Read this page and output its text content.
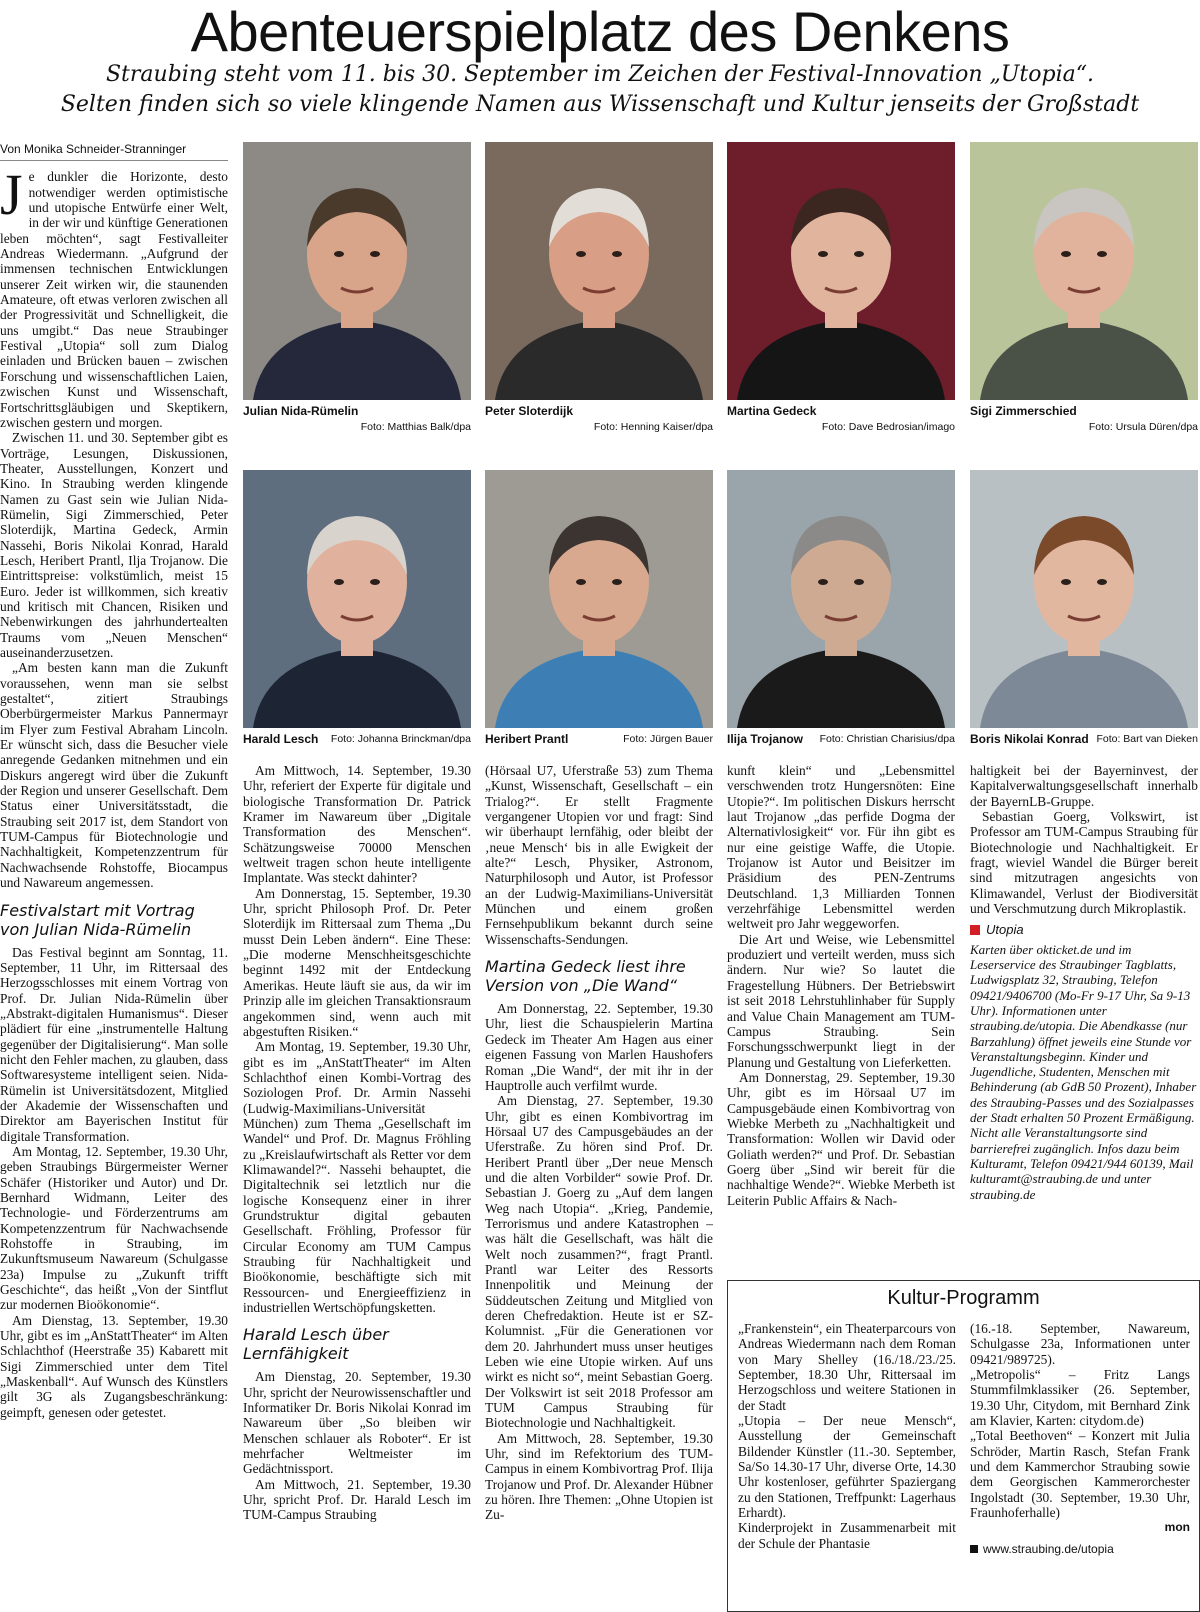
Abenteuerspielplatz des Denkens
Straubing steht vom 11. bis 30. September im Zeichen der Festival-Innovation „Utopia“.
Selten finden sich so viele klingende Namen aus Wissenschaft und Kultur jenseits der Großstadt
Von Monika Schneider-Stranninger
J e dunkler die Horizonte, desto notwendiger werden optimistische und utopische Entwürfe einer Welt, in der wir und künftige Generationen leben möchten“, sagt Festivalleiter Andreas Wiedermann. „Aufgrund der immensen technischen Entwicklungen unserer Zeit wirken wir, die staunenden Amateure, oft etwas verloren zwischen all der Progressivität und Schnelligkeit, die uns umgibt.“ Das neue Straubinger Festival „Utopia“ soll zum Dialog einladen und Brücken bauen – zwischen Forschung und wissenschaftlichen Laien, zwischen Kunst und Wissenschaft, Fortschrittsgläubigen und Skeptikern, zwischen gestern und morgen.

Zwischen 11. und 30. September gibt es Vorträge, Lesungen, Diskussionen, Theater, Ausstellungen, Konzert und Kino. In Straubing werden klingende Namen zu Gast sein wie Julian Nida-Rümelin, Sigi Zimmerschied, Peter Sloterdijk, Martina Gedeck, Armin Nassehi, Boris Nikolai Konrad, Harald Lesch, Heribert Prantl, Ilja Trojanow. Die Eintrittspreise: volkstümlich, meist 15 Euro. Jeder ist willkommen, sich kreativ und kritisch mit Chancen, Risiken und Nebenwirkungen des jahrhundertealten Traums vom „Neuen Menschen“ auseinanderzusetzen.

„Am besten kann man die Zukunft voraussehen, wenn man sie selbst gestaltet“, zitiert Straubings Oberbürgermeister Markus Pannermayr im Flyer zum Festival Abraham Lincoln. Er wünscht sich, dass die Besucher viele anregende Gedanken mitnehmen und ein Diskurs angeregt wird über die Zukunft der Region und unserer Gesellschaft. Dem Status einer Universitätsstadt, die Straubing seit 2017 ist, dem Standort von TUM-Campus für Biotechnologie und Nachhaltigkeit, Kompetenzzentrum für Nachwachsende Rohstoffe, Biocampus und Nawareum angemessen.

Festivalstart mit Vortrag von Julian Nida-Rümelin

Das Festival beginnt am Sonntag, 11. September, 11 Uhr, im Rittersaal des Herzogsschlosses mit einem Vortrag von Prof. Dr. Julian Nida-Rümelin über „Abstrakt-digitalen Humanismus“. Dieser plädiert für eine „instrumentelle Haltung gegenüber der Digitalisierung“. Man solle nicht den Fehler machen, zu glauben, dass Softwaresysteme intelligent seien. Nida-Rümelin ist Universitätsdozent, Mitglied der Akademie der Wissenschaften und Direktor am Bayerischen Institut für digitale Transformation.

Am Montag, 12. September, 19.30 Uhr, geben Straubings Bürgermeister Werner Schäfer (Historiker und Autor) und Dr. Bernhard Widmann, Leiter des Technologie- und Förderzentrums am Kompetenzzentrum für Nachwachsende Rohstoffe in Straubing, im Zukunftsmuseum Nawareum (Schulgasse 23a) Impulse zu „Zukunft trifft Geschichte“, das heißt „Von der Sintflut zur modernen Bioökonomie“.

Am Dienstag, 13. September, 19.30 Uhr, gibt es im „AnStattTheater“ im Alten Schlachthof (Heerstraße 35) Kabarett mit Sigi Zimmerschied unter dem Titel „Maskenball“. Auf Wunsch des Künstlers gilt 3G als Zugangsbeschränkung: geimpft, genesen oder getestet.

Julian Nida-Rümelin
Foto: Matthias Balk/dpa
Peter Sloterdijk
Foto: Henning Kaiser/dpa
Martina Gedeck
Foto: Dave Bedrosian/imago
Sigi Zimmerschied
Foto: Ursula Düren/dpa
Harald Lesch	Foto: Johanna Brinckman/dpa Heribert Prantl	Foto: Jürgen Bauer Ilija Trojanow	Foto: Christian Charisius/dpa Boris Nikolai Konrad Foto: Bart van Dieken

Am Mittwoch, 14. September, 19.30 Uhr, referiert der Experte für digitale und biologische Transformation Dr. Patrick Kramer im Nawareum über „Digitale Transformation des Menschen“. Schätzungsweise 70000 Menschen weltweit tragen schon heute intelligente Implantate. Was steckt dahinter?

Am Donnerstag, 15. September, 19.30 Uhr, spricht Philosoph Prof. Dr. Peter Sloterdijk im Rittersaal zum Thema „Du musst Dein Leben ändern“. Eine These: „Die moderne Menschheitsgeschichte beginnt 1492 mit der Entdeckung Amerikas. Heute läuft sie aus, da wir im Prinzip alle im gleichen Transaktionsraum angekommen sind, wenn auch mit abgestuften Risiken.“

Am Montag, 19. September, 19.30 Uhr, gibt es im „AnStattTheater“ im Alten Schlachthof einen Kombi-Vortrag des Soziologen Prof. Dr. Armin Nassehi (Ludwig-Maximilians-Universität München) zum Thema „Gesellschaft im Wandel“ und Prof. Dr. Magnus Fröhling zu „Kreislaufwirtschaft als Retter vor dem Klimawandel?“. Nassehi behauptet, die Digitaltechnik sei letztlich nur die logische Konsequenz einer in ihrer Grundstruktur digital gebauten Gesellschaft. Fröhling, Professor für Circular Economy am TUM Campus Straubing für Nachhaltigkeit und Bioökonomie, beschäftigte sich mit Ressourcen- und Energieeffizienz in industriellen Wertschöpfungsketten.

Harald Lesch über Lernfähigkeit

Am Dienstag, 20. September, 19.30 Uhr, spricht der Neurowissenschaftler und Informatiker Dr. Boris Nikolai Konrad im Nawareum über „So bleiben wir Menschen schlauer als Roboter“. Er ist mehrfacher Weltmeister im Gedächtnissport.

Am Mittwoch, 21. September, 19.30 Uhr, spricht Prof. Dr. Harald Lesch im TUM-Campus Straubing

(Hörsaal U7, Uferstraße 53) zum Thema „Kunst, Wissenschaft, Gesellschaft – ein Trialog?“. Er stellt Fragmente vergangener Utopien vor und fragt: Sind wir überhaupt lernfähig, oder bleibt der ‚neue Mensch‘ bis in alle Ewigkeit der alte?“ Lesch, Physiker, Astronom, Naturphilosoph und Autor, ist Professor an der Ludwig-Maximilians-Universität München und einem großen Fernsehpublikum bekannt durch seine Wissenschafts-Sendungen.

Martina Gedeck liest ihre Version von „Die Wand“

Am Donnerstag, 22. September, 19.30 Uhr, liest die Schauspielerin Martina Gedeck im Theater Am Hagen aus einer eigenen Fassung von Marlen Haushofers Roman „Die Wand“, der mit ihr in der Hauptrolle auch verfilmt wurde.

Am Dienstag, 27. September, 19.30 Uhr, gibt es einen Kombivortrag im Hörsaal U7 des Campusgebäudes an der Uferstraße. Zu hören sind Prof. Dr. Heribert Prantl über „Der neue Mensch und die alten Vorbilder“ sowie Prof. Dr. Sebastian J. Goerg zu „Auf dem langen Weg nach Utopia“. „Krieg, Pandemie, Terrorismus und andere Katastrophen – was hält die Gesellschaft, was hält die Welt noch zusammen?“, fragt Prantl. Prantl war Leiter des Ressorts Innenpolitik und Meinung der Süddeutschen Zeitung und Mitglied von deren Chefredaktion. Heute ist er SZ-Kolumnist. „Für die Generationen vor dem 20. Jahrhundert muss unser heutiges Leben wie eine Utopie wirken. Auf uns wirkt es nicht so“, meint Sebastian Goerg. Der Volkswirt ist seit 2018 Professor am TUM Campus Straubing für Biotechnologie und Nachhaltigkeit.

Am Mittwoch, 28. September, 19.30 Uhr, sind im Refektorium des TUM-Campus in einem Kombivortrag Prof. Ilija Trojanow und Prof. Dr. Alexander Hübner zu hören. Ihre Themen: „Ohne Utopien ist Zu-

kunft klein“ und „Lebensmittel verschwenden trotz Hungersnöten: Eine Utopie?“. Im politischen Diskurs herrscht laut Trojanow „das perfide Dogma der Alternativlosigkeit“ vor. Für ihn gibt es nur eine geistige Waffe, die Utopie. Trojanow ist Autor und Beisitzer im Präsidium des PEN-Zentrums Deutschland. 1,3 Milliarden Tonnen verzehrfähige Lebensmittel werden weltweit pro Jahr weggeworfen.

Die Art und Weise, wie Lebensmittel produziert und verteilt werden, muss sich ändern. Nur wie? So lautet die Fragestellung Hübners. Der Betriebswirt ist seit 2018 Lehrstuhlinhaber für Supply and Value Chain Management am TUM-Campus Straubing. Sein Forschungsschwerpunkt liegt in der Planung und Gestaltung von Lieferketten.

Am Donnerstag, 29. September, 19.30 Uhr, gibt es im Hörsaal U7 im Campusgebäude einen Kombivortrag von Wiebke Merbeth zu „Nachhaltigkeit und Transformation: Wollen wir David oder Goliath werden?“ und Prof. Dr. Sebastian Goerg über „Sind wir bereit für die nachhaltige Wende?“. Wiebke Merbeth ist Leiterin Public Affairs & Nach-

haltigkeit bei der Bayerninvest, der Kapitalverwaltungsgesellschaft innerhalb der BayernLB-Gruppe.

Sebastian Goerg, Volkswirt, ist Professor am TUM-Campus Straubing für Biotechnologie und Nachhaltigkeit. Er fragt, wieviel Wandel die Bürger bereit sind mitzutragen angesichts von Klimawandel, Verlust der Biodiversität und Verschmutzung durch Mikroplastik.

Utopia
Karten über okticket.de und im Leserservice des Straubinger Tagblatts, Ludwigsplatz 32, Straubing, Telefon 09421/9406700 (Mo-Fr 9-17 Uhr, Sa 9-13 Uhr). Informationen unter straubing.de/utopia. Die Abendkasse (nur Barzahlung) öffnet jeweils eine Stunde vor Veranstaltungsbeginn. Kinder und Jugendliche, Studenten, Menschen mit Behinderung (ab GdB 50 Prozent), Inhaber des Straubing-Passes und des Sozialpasses der Stadt erhalten 50 Prozent Ermäßigung. Nicht alle Veranstaltungsorte sind barrierefrei zugänglich. Infos dazu beim Kulturamt, Telefon 09421/944 60139, Mail kulturamt@straubing.de und unter straubing.de
Kultur-Programm

„Frankenstein“, ein Theaterparcours von Andreas Wiedermann nach dem Roman von Mary Shelley (16./18./23./25. September, 18.30 Uhr, Rittersaal im Herzogschloss und weitere Stationen in der Stadt
„Utopia – Der neue Mensch“, Ausstellung der Gemeinschaft Bildender Künstler (11.-30. September, Sa/So 14.30-17 Uhr, diverse Orte, 14.30 Uhr kostenloser, geführter Spaziergang zu den Stationen, Treffpunkt: Lagerhaus Erhardt).
Kinderprojekt in Zusammenarbeit mit der Schule der Phantasie

(16.-18. September, Nawareum, Schulgasse 23a, Informationen unter 09421/989725).
„Metropolis“ – Fritz Langs Stummfilmklassiker (26. September, 19.30 Uhr, Citydom, mit Bernhard Zink am Klavier, Karten: citydom.de)
„Total Beethoven“ – Konzert mit Julia Schröder, Martin Rasch, Stefan Frank und dem Kammerchor Straubing sowie dem Georgischen Kammerorchester Ingolstadt (30. September, 19.30 Uhr, Fraunhoferhalle)

mon
www.straubing.de/utopia
